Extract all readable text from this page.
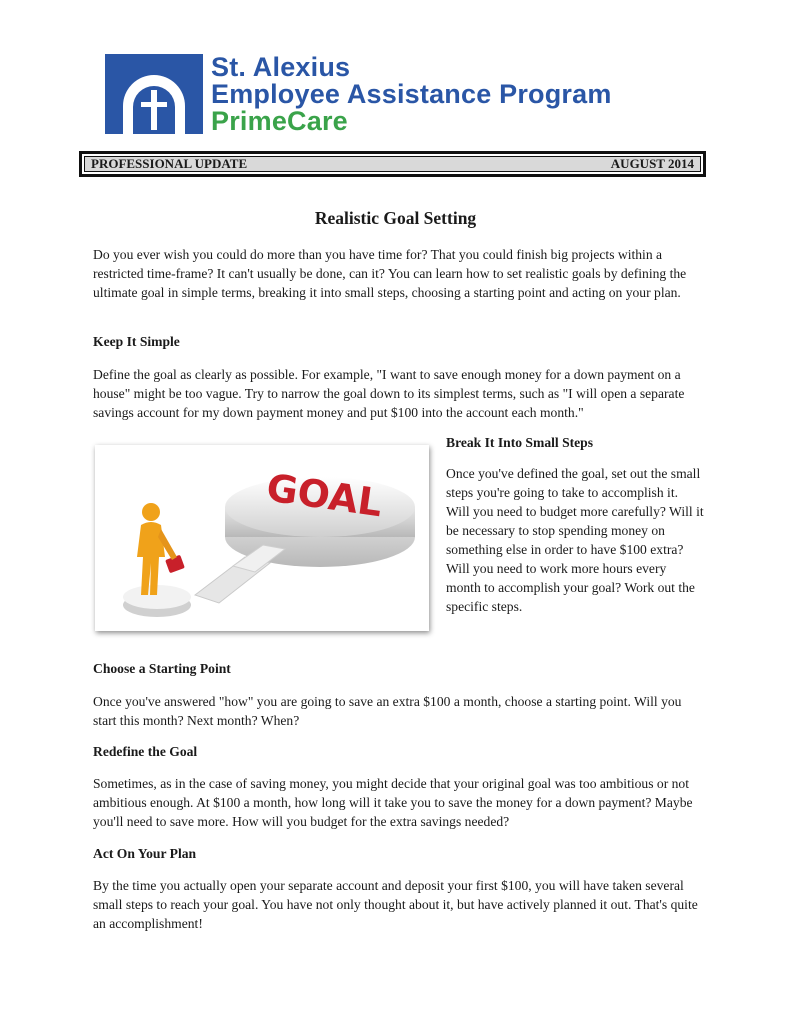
St. Alexius
Employee Assistance Program
PrimeCare
PROFESSIONAL UPDATE	AUGUST 2014
Realistic Goal Setting

Do you ever wish you could do more than you have time for? That you could finish big projects within a restricted time-frame? It can't usually be done, can it? You can learn how to set realistic goals by defining the ultimate goal in simple terms, breaking it into small steps, choosing a starting point and acting on your plan.

Keep It Simple

Define the goal as clearly as possible. For example, "I want to save enough money for a down payment on a house" might be too vague. Try to narrow the goal down to its simplest terms, such as "I will open a separate savings account for my down payment money and put $100 into the account each month."

GOAL

Break It Into Small Steps

Once you've defined the goal, set out the small steps you're going to take to accomplish it. Will you need to budget more carefully? Will it be necessary to stop spending money on something else in order to have $100 extra? Will you need to work more hours every month to accomplish your goal? Work out the specific steps.

Choose a Starting Point

Once you've answered "how" you are going to save an extra $100 a month, choose a starting point. Will you start this month? Next month? When?

Redefine the Goal

Sometimes, as in the case of saving money, you might decide that your original goal was too ambitious or not ambitious enough. At $100 a month, how long will it take you to save the money for a down payment? Maybe you'll need to save more. How will you budget for the extra savings needed?

Act On Your Plan

By the time you actually open your separate account and deposit your first $100, you will have taken several small steps to reach your goal. You have not only thought about it, but have actively planned it out. That's quite an accomplishment!
